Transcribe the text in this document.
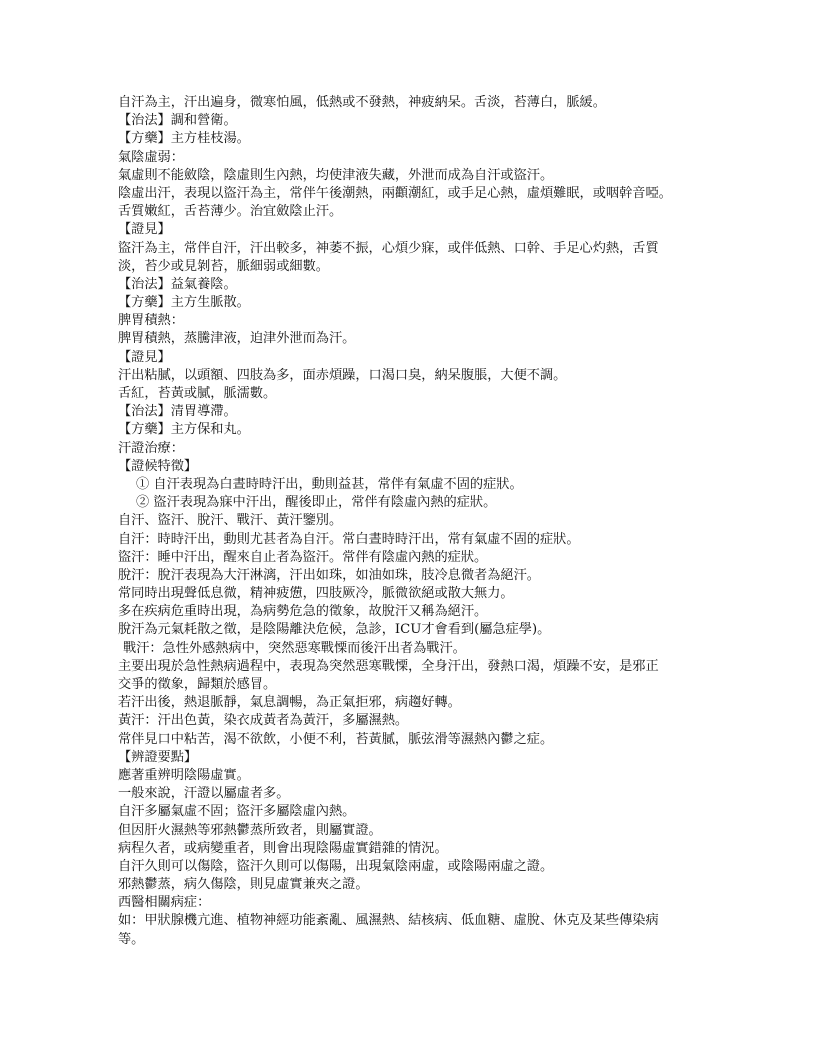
自汗為主，汗出遍身，微寒怕風，低熱或不發熱，神疲納呆。舌淡，苔薄白，脈緩。
【治法】調和營衛。
【方藥】主方桂枝湯。
氣陰虛弱：
氣虛則不能斂陰，陰虛則生內熱，均使津液失藏，外泄而成為自汗或盜汗。
陰虛出汗，表現以盜汗為主，常伴午後潮熱，兩顴潮紅，或手足心熱，虛煩難眠，或咽幹音啞。
舌質嫩紅，舌苔薄少。治宜斂陰止汗。
【證見】
盜汗為主，常伴自汗，汗出較多，神萎不振，心煩少寐，或伴低熱、口幹、手足心灼熱，舌質
淡，苔少或見剝苔，脈細弱或細數。
【治法】益氣養陰。
【方藥】主方生脈散。
脾胃積熱：
脾胃積熱，蒸騰津液，迫津外泄而為汗。
【證見】
汗出粘膩，以頭額、四肢為多，面赤煩躁，口渴口臭，納呆腹脹，大便不調。
舌紅，苔黃或膩，脈濡數。
【治法】清胃導滯。
【方藥】主方保和丸。
汗證治療：
【證候特徵】
① 自汗表現為白晝時時汗出，動則益甚，常伴有氣虛不固的症狀。
② 盜汗表現為寐中汗出，醒後即止，常伴有陰虛內熱的症狀。
自汗、盜汗、脫汗、戰汗、黃汗鑒別。
自汗：時時汗出，動則尤甚者為自汗。常白晝時時汗出，常有氣虛不固的症狀。
盜汗：睡中汗出，醒來自止者為盜汗。常伴有陰虛內熱的症狀。
脫汗：脫汗表現為大汗淋漓，汗出如珠，如油如珠，肢冷息微者為絕汗。
常同時出現聲低息微，精神疲憊，四肢厥冷，脈微欲絕或散大無力。
多在疾病危重時出現，為病勢危急的徵象，故脫汗又稱為絕汗。
脫汗為元氣耗散之徵，是陰陽離決危候，急診，ICU才會看到(屬急症學)。
戰汗：急性外感熱病中，突然惡寒戰慄而後汗出者為戰汗。
主要出現於急性熱病過程中，表現為突然惡寒戰慄，全身汗出，發熱口渴，煩躁不安，是邪正
交爭的徵象，歸類於感冒。
若汗出後，熱退脈靜，氣息調暢，為正氣拒邪，病趨好轉。
黃汗：汗出色黃，染衣成黃者為黃汗，多屬濕熱。
常伴見口中粘苦，渴不欲飲，小便不利，苔黃膩，脈弦滑等濕熱內鬱之症。
【辨證要點】
應著重辨明陰陽虛實。
一般來說，汗證以屬虛者多。
自汗多屬氣虛不固；盜汗多屬陰虛內熱。
但因肝火濕熱等邪熱鬱蒸所致者，則屬實證。
病程久者，或病變重者，則會出現陰陽虛實錯雜的情況。
自汗久則可以傷陰，盜汗久則可以傷陽，出現氣陰兩虛，或陰陽兩虛之證。
邪熱鬱蒸，病久傷陰，則見虛實兼夾之證。
西醫相關病症：
如：甲狀腺機亢進、植物神經功能紊亂、風濕熱、結核病、低血糖、虛脫、休克及某些傳染病
等。
